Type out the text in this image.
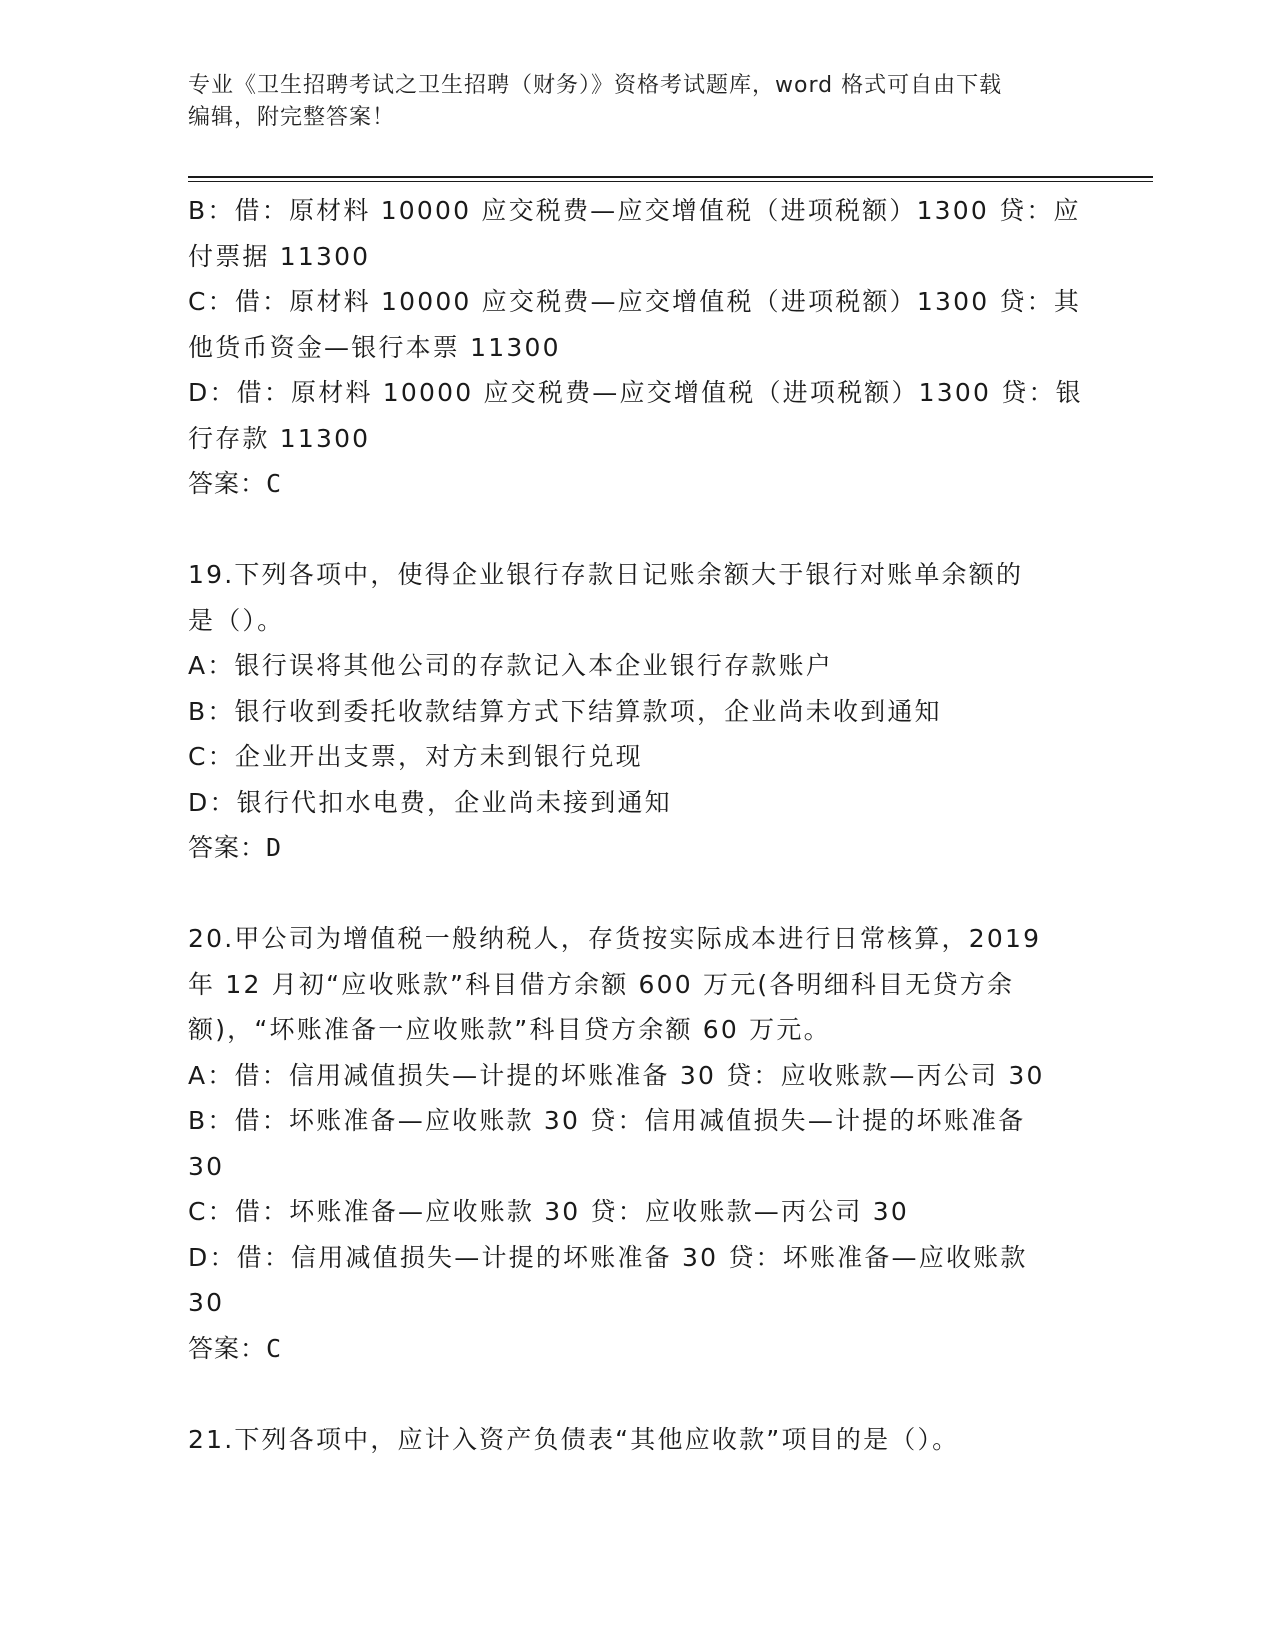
专业《卫生招聘考试之卫生招聘（财务）》资格考试题库，word 格式可自由下载
编辑，附完整答案！
B：借：原材料 10000 应交税费—应交增值税（进项税额）1300 贷：应
付票据 11300
C：借：原材料 10000 应交税费—应交增值税（进项税额）1300 贷：其
他货币资金—银行本票 11300
D：借：原材料 10000 应交税费—应交增值税（进项税额）1300 贷：银
行存款 11300
答案：C
19.下列各项中，使得企业银行存款日记账余额大于银行对账单余额的
是（）。
A：银行误将其他公司的存款记入本企业银行存款账户
B：银行收到委托收款结算方式下结算款项，企业尚未收到通知
C：企业开出支票，对方未到银行兑现
D：银行代扣水电费，企业尚未接到通知
答案：D
20.甲公司为增值税一般纳税人，存货按实际成本进行日常核算，2019
年 12 月初“应收账款”科目借方余额 600 万元(各明细科目无贷方余
额)，“坏账准备一应收账款”科目贷方余额 60 万元。
A：借：信用减值损失—计提的坏账准备 30 贷：应收账款—丙公司 30
B：借：坏账准备—应收账款 30 贷：信用减值损失—计提的坏账准备
30
C：借：坏账准备—应收账款 30 贷：应收账款—丙公司 30
D：借：信用减值损失—计提的坏账准备 30 贷：坏账准备—应收账款
30
答案：C
21.下列各项中，应计入资产负债表“其他应收款”项目的是（）。
